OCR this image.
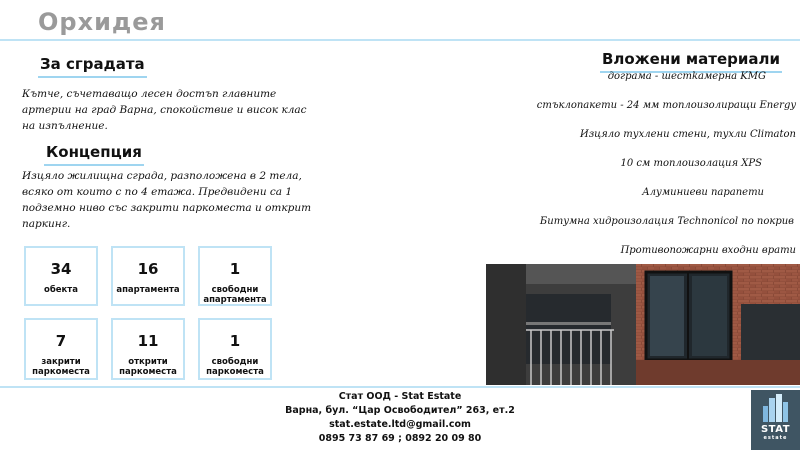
Орхидея
За сградата
Кътче, съчетаващо лесен достъп главните артерии на град Варна, спокойствие и висок клас на изпълнение.
Концепция
Изцяло жилищна сграда, разположена в 2 тела, всяко от които с по 4 етажа. Предвидени са 1 подземно ниво със закрити паркоместа и открит паркинг.
34
обекта
16
апартамента
1
свободни апартамента
7
закрити паркоместа
11
открити паркоместа
1
свободни паркоместа
Вложени материали
дограма - шестkамерна KMG
стъклопакети - 24 мм топлоизолиращи Energy
Изцяло тухлени стени, тухли Climaton
10 см топлоизолация XPS
Алуминиеви парапети
Битумна хидроизолация Technonicol по покрив
Противопожарни входни врати
Стат ООД - Stat Estate
Варна, бул. “Цар Освободител” 263, ет.2
stat.estate.ltd@gmail.com
0895 73 87 69 ; 0892 20 09 80
STAT
estate
